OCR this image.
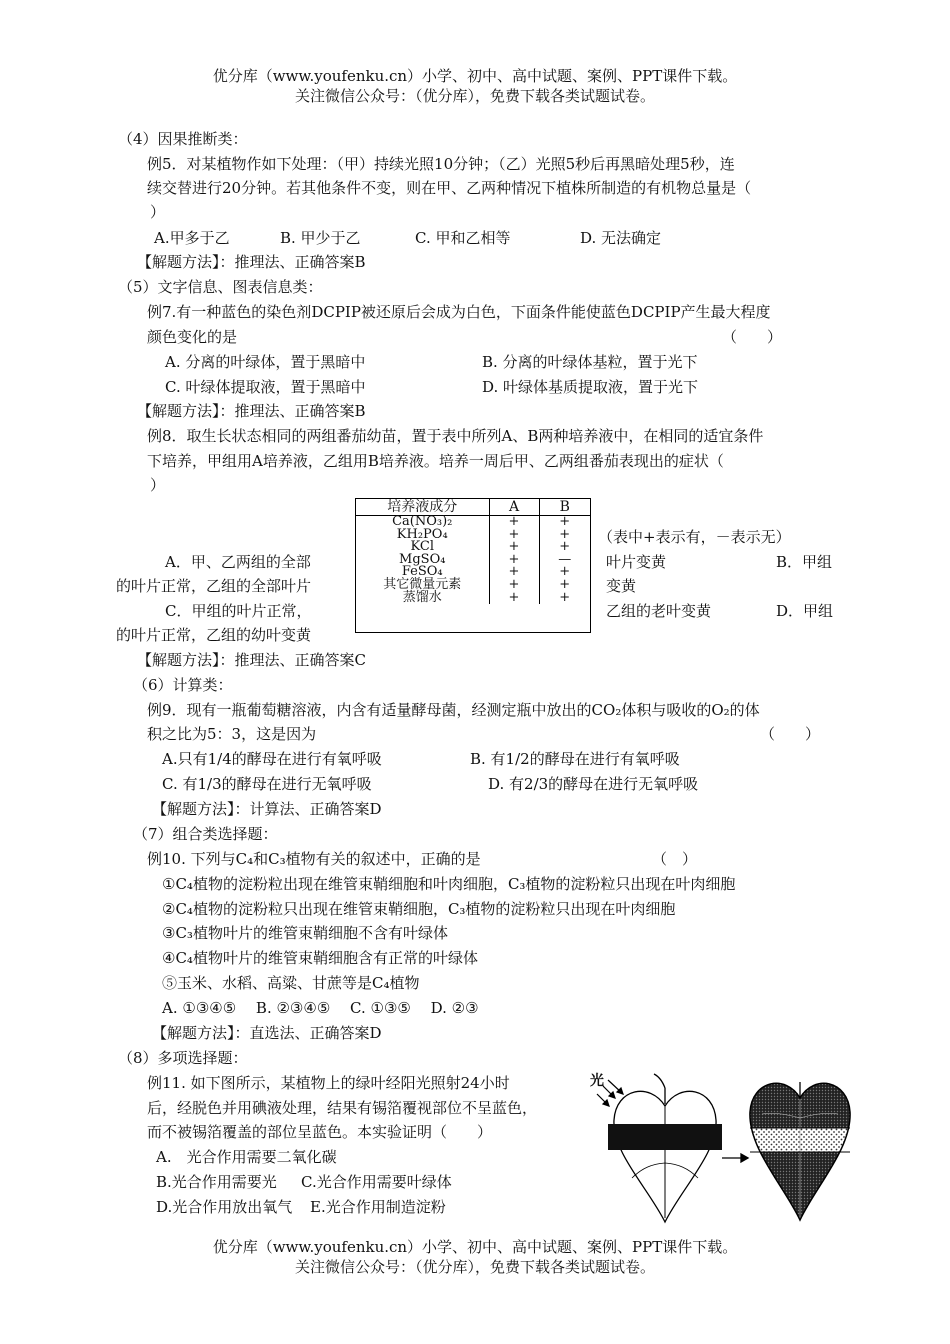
优分库（www.youfenku.cn）小学、初中、高中试题、案例、PPT课件下载。
关注微信公众号：（优分库），免费下载各类试题试卷。
（4）因果推断类：
例5．对某植物作如下处理：（甲）持续光照10分钟；（乙）光照5秒后再黑暗处理5秒，连
续交替进行20分钟。若其他条件不变，则在甲、乙两种情况下植株所制造的有机物总量是（
）
A.甲多于乙	B. 甲少于乙	C. 甲和乙相等	D. 无法确定
【解题方法】：推理法、正确答案B
（5）文字信息、图表信息类：
例7.有一种蓝色的染色剂DCPIP被还原后会成为白色，下面条件能使蓝色DCPIP产生最大程度
颜色变化的是	（　　）
A. 分离的叶绿体，置于黑暗中	B. 分离的叶绿体基粒，置于光下
C. 叶绿体提取液，置于黑暗中	D. 叶绿体基质提取液，置于光下
【解题方法】：推理法、正确答案B
例8．取生长状态相同的两组番茄幼苗，置于表中所列A、B两种培养液中，在相同的适宜条件
下培养，甲组用A培养液，乙组用B培养液。培养一周后甲、乙两组番茄表现出的症状（
）
培养液成分	A	B
Ca(NO₃)₂	+	+
KH₂PO₄	+	+
KCl	+	+
MgSO₄	+	—
FeSO₄	+	+
其它微量元素	+	+
蒸馏水	+	+
（表中+表示有，－表示无）
A．甲、乙两组的全部	叶片变黄	B．甲组
的叶片正常，乙组的全部叶片	变黄
C．甲组的叶片正常，	乙组的老叶变黄	D．甲组
的叶片正常，乙组的幼叶变黄
【解题方法】：推理法、正确答案C
（6）计算类：
例9．现有一瓶葡萄糖溶液，内含有适量酵母菌，经测定瓶中放出的CO₂体积与吸收的O₂的体
积之比为5：3，这是因为	（　　）
A.只有1/4的酵母在进行有氧呼吸	B. 有1/2的酵母在进行有氧呼吸
C. 有1/3的酵母在进行无氧呼吸	D. 有2/3的酵母在进行无氧呼吸
【解题方法】：计算法、正确答案D
（7）组合类选择题：
例10. 下列与C₄和C₃植物有关的叙述中，正确的是	（　）
①C₄植物的淀粉粒出现在维管束鞘细胞和叶肉细胞，C₃植物的淀粉粒只出现在叶肉细胞
②C₄植物的淀粉粒只出现在维管束鞘细胞，C₃植物的淀粉粒只出现在叶肉细胞
③C₃植物叶片的维管束鞘细胞不含有叶绿体
④C₄植物叶片的维管束鞘细胞含有正常的叶绿体
⑤玉米、水稻、高粱、甘蔗等是C₄植物
A. ①③④⑤　 B. ②③④⑤　 C. ①③⑤　 D. ②③
【解题方法】：直选法、正确答案D
（8）多项选择题：
例11. 如下图所示，某植物上的绿叶经阳光照射24小时
后，经脱色并用碘液处理，结果有锡箔覆视部位不呈蓝色，
而不被锡箔覆盖的部位呈蓝色。本实验证明（　　）
A.　光合作用需要二氧化碳
B.光合作用需要光 C.光合作用需要叶绿体
D.光合作用放出氧气 E.光合作用制造淀粉
光
优分库（www.youfenku.cn）小学、初中、高中试题、案例、PPT课件下载。
关注微信公众号：（优分库），免费下载各类试题试卷。
